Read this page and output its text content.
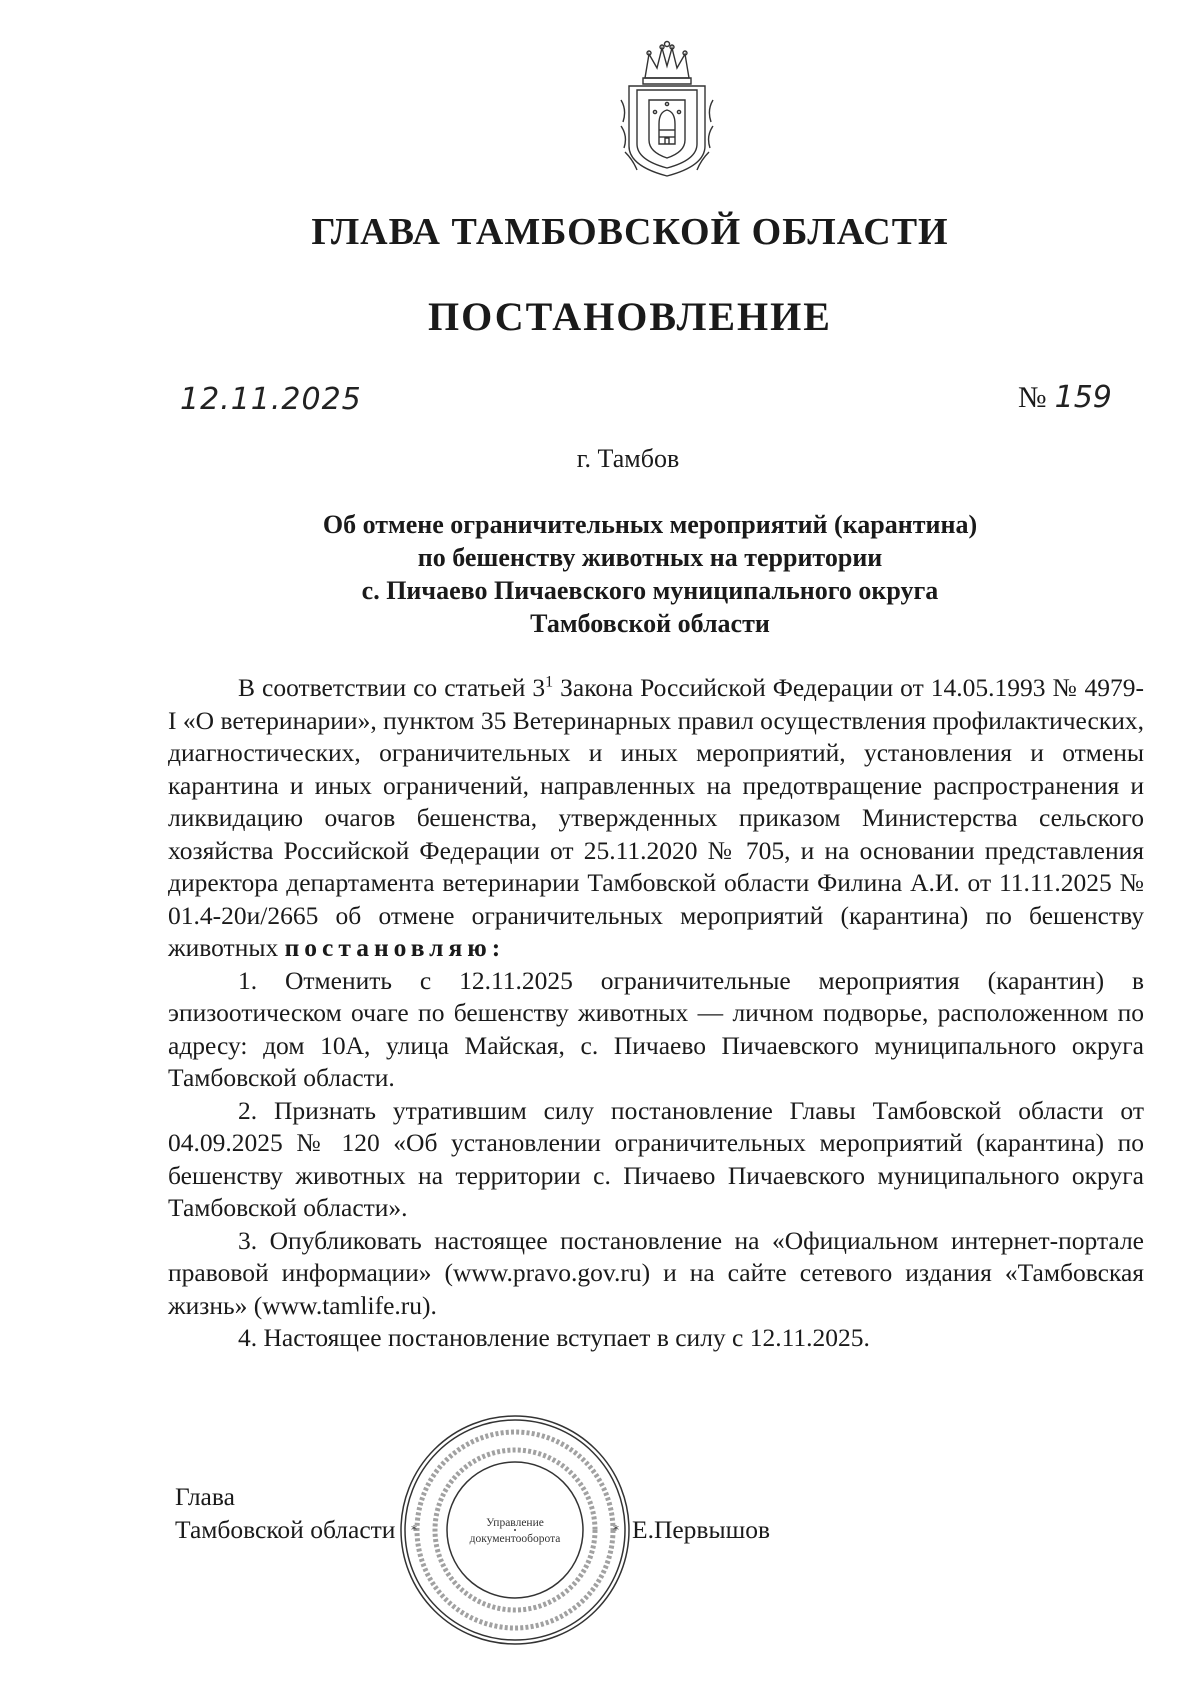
ГЛАВА ТАМБОВСКОЙ ОБЛАСТИ
ПОСТАНОВЛЕНИЕ
12.11.2025	№ 159
г. Тамбов
Об отмене ограничительных мероприятий (карантина)
по бешенству животных на территории
с. Пичаево Пичаевского муниципального округа
Тамбовской области

В соответствии со статьей $3^1$ Закона Российской Федерации от 14.05.1993 № 4979-I «О ветеринарии», пунктом 35 Ветеринарных правил осуществления профилактических, диагностических, ограничительных и иных мероприятий, установления и отмены карантина и иных ограничений, направленных на предотвращение распространения и ликвидацию очагов бешенства, утвержденных приказом Министерства сельского хозяйства Российской Федерации от 25.11.2020 № 705, и на основании представления директора департамента ветеринарии Тамбовской области Филина А.И. от 11.11.2025 № 01.4-20и/2665 об отмене ограничительных мероприятий (карантина) по бешенству животных постановляю:

1. Отменить с 12.11.2025 ограничительные мероприятия (карантин) в эпизоотическом очаге по бешенству животных — личном подворье, расположенном по адресу: дом 10А, улица Майская, с. Пичаево Пичаевского муниципального округа Тамбовской области.

2. Признать утратившим силу постановление Главы Тамбовской области от 04.09.2025 № 120 «Об установлении ограничительных мероприятий (карантина) по бешенству животных на территории с. Пичаево Пичаевского муниципального округа Тамбовской области».

3. Опубликовать настоящее постановление на «Официальном интернет-портале правовой информации» (www.pravo.gov.ru) и на сайте сетевого издания «Тамбовская жизнь» (www.tamlife.ru).

4. Настоящее постановление вступает в силу с 12.11.2025.

Глава
Тамбовской области	Е.Первышов
Управление
документооборота
*	*
